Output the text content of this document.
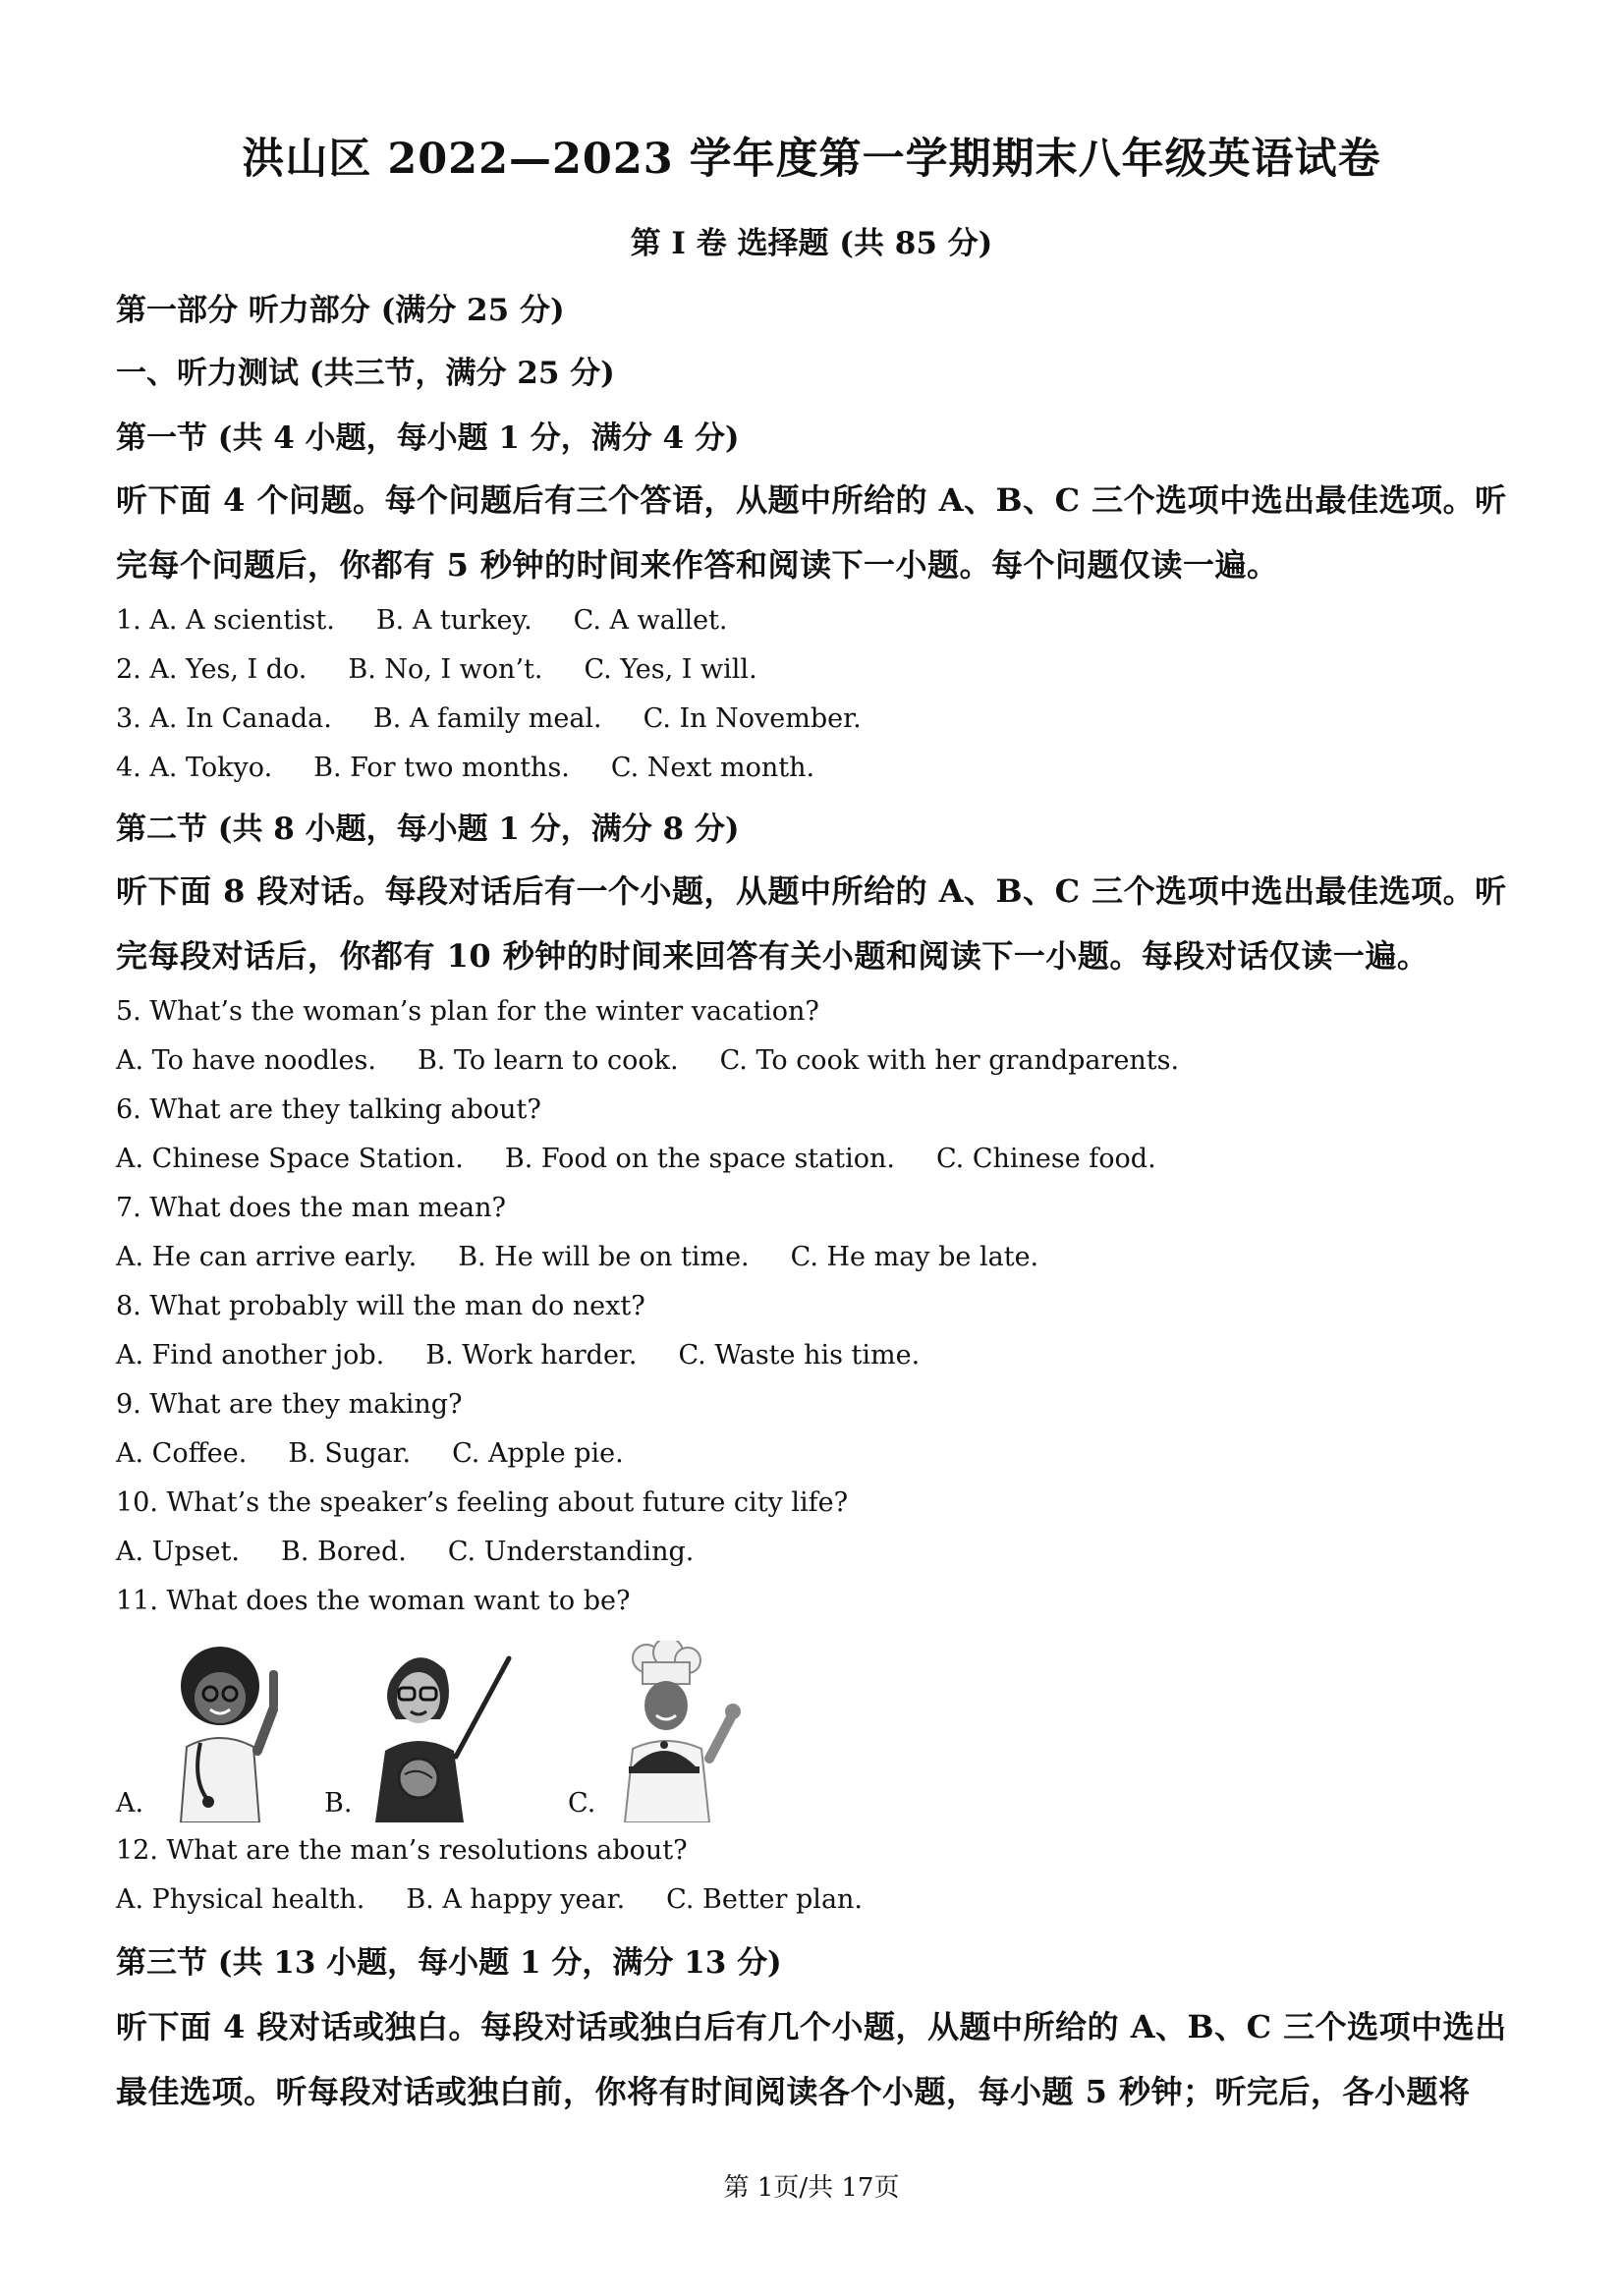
洪山区 2022—2023 学年度第一学期期末八年级英语试卷
第 I 卷 选择题 (共 85 分)
第一部分 听力部分 (满分 25 分)
一、听力测试 (共三节，满分 25 分)
第一节 (共 4 小题，每小题 1 分，满分 4 分)
听下面 4 个问题。每个问题后有三个答语，从题中所给的 A、B、C 三个选项中选出最佳选项。听
完每个问题后，你都有 5 秒钟的时间来作答和阅读下一小题。每个问题仅读一遍。
1. A. A scientist. B. A turkey. C. A wallet.
2. A. Yes, I do. B. No, I won’t. C. Yes, I will.
3. A. In Canada. B. A family meal. C. In November.
4. A. Tokyo. B. For two months. C. Next month.
第二节 (共 8 小题，每小题 1 分，满分 8 分)
听下面 8 段对话。每段对话后有一个小题，从题中所给的 A、B、C 三个选项中选出最佳选项。听
完每段对话后，你都有 10 秒钟的时间来回答有关小题和阅读下一小题。每段对话仅读一遍。
5. What’s the woman’s plan for the winter vacation?
A. To have noodles. B. To learn to cook. C. To cook with her grandparents.
6. What are they talking about?
A. Chinese Space Station. B. Food on the space station. C. Chinese food.
7. What does the man mean?
A. He can arrive early. B. He will be on time. C. He may be late.
8. What probably will the man do next?
A. Find another job. B. Work harder. C. Waste his time.
9. What are they making?
A. Coffee. B. Sugar. C. Apple pie.
10. What’s the speaker’s feeling about future city life?
A. Upset. B. Bored. C. Understanding.
11. What does the woman want to be?
A.	B.	C.
12. What are the man’s resolutions about?
A. Physical health. B. A happy year. C. Better plan.
第三节 (共 13 小题，每小题 1 分，满分 13 分)
听下面 4 段对话或独白。每段对话或独白后有几个小题，从题中所给的 A、B、C 三个选项中选出
最佳选项。听每段对话或独白前，你将有时间阅读各个小题，每小题 5 秒钟；听完后，各小题将
第 1页/共 17页
